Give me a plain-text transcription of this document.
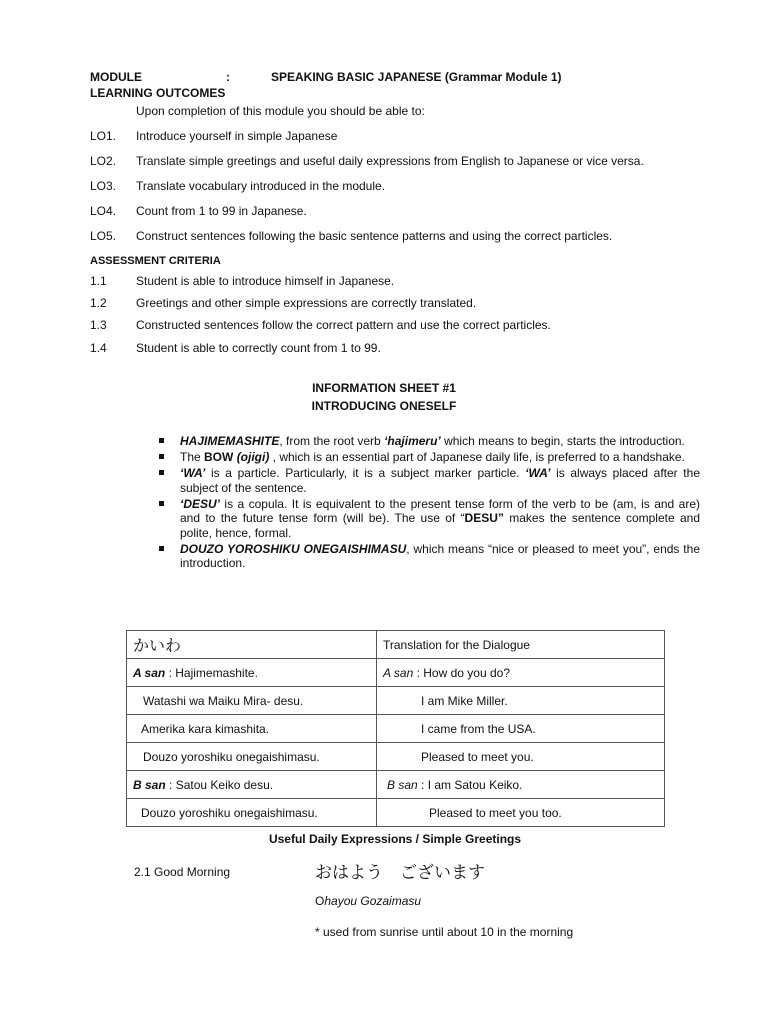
MODULE	:	SPEAKING BASIC JAPANESE (Grammar Module 1)
LEARNING OUTCOMES
Upon completion of this module you should be able to:
LO1. Introduce yourself in simple Japanese
LO2. Translate simple greetings and useful daily expressions from English to Japanese or vice versa.
LO3. Translate vocabulary introduced in the module.
LO4. Count from 1 to 99 in Japanese.
LO5. Construct sentences following the basic sentence patterns and using the correct particles.
ASSESSMENT CRITERIA
1.1 Student is able to introduce himself in Japanese.
1.2 Greetings and other simple expressions are correctly translated.
1.3 Constructed sentences follow the correct pattern and use the correct particles.
1.4 Student is able to correctly count from 1 to 99.
INFORMATION SHEET #1
INTRODUCING ONESELF
HAJIMEMASHITE, from the root verb ‘hajimeru’ which means to begin, starts the introduction.
The BOW (ojigi) , which is an essential part of Japanese daily life, is preferred to a handshake.
‘WA’ is a particle. Particularly, it is a subject marker particle. ‘WA’ is always placed after the subject of the sentence.
‘DESU’ is a copula. It is equivalent to the present tense form of the verb to be (am, is and are) and to the future tense form (will be). The use of “DESU” makes the sentence complete and polite, hence, formal.
DOUZO YOROSHIKU ONEGAISHIMASU, which means “nice or pleased to meet you”, ends the introduction.
かいわ	Translation for the Dialogue
A san : Hajimemashite.	A san : How do you do?
Watashi wa Maiku Mira- desu.	I am Mike Miller.
Amerika kara kimashita.	I came from the USA.
Douzo yoroshiku onegaishimasu.	Pleased to meet you.
B san : Satou Keiko desu.	B san : I am Satou Keiko.
Douzo yoroshiku onegaishimasu.	Pleased to meet you too.
Useful Daily Expressions / Simple Greetings
2.1 Good Morning	おはよう　ございます
Ohayou Gozaimasu
* used from sunrise until about 10 in the morning
